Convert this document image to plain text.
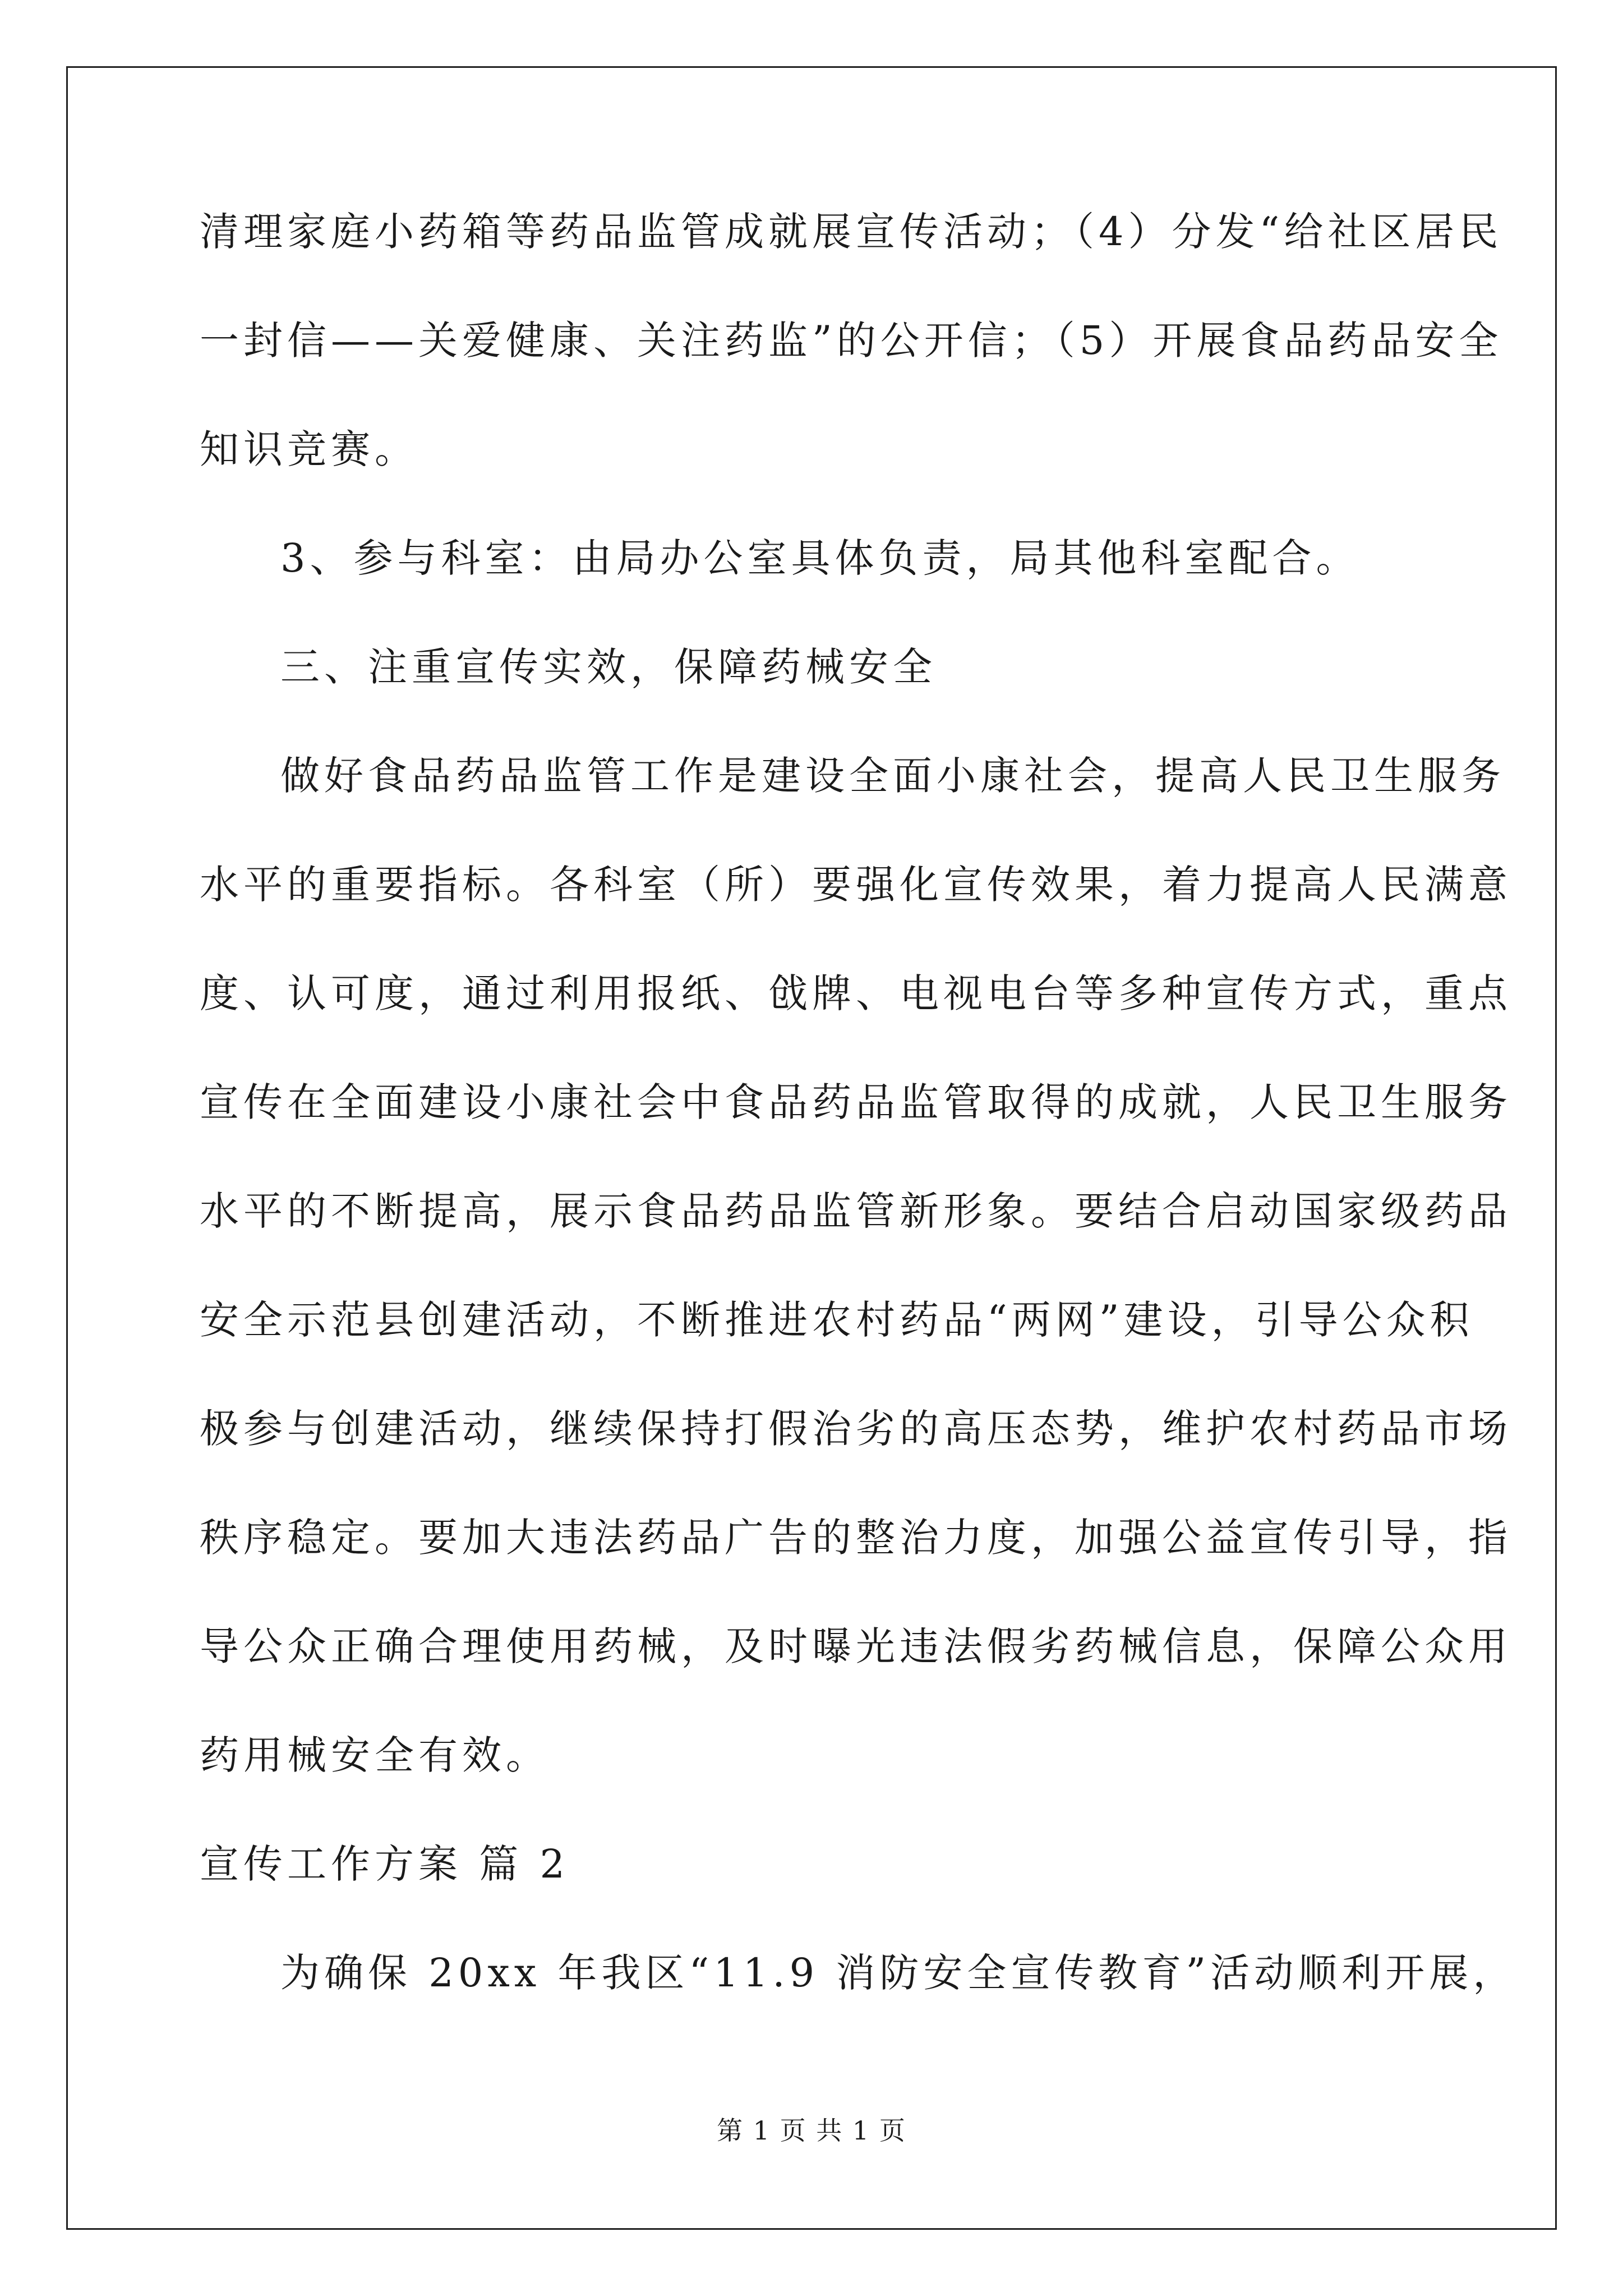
清理家庭小药箱等药品监管成就展宣传活动；（4）分发“给社区居民

一封信——关爱健康、关注药监”的公开信；（5）开展食品药品安全

知识竞赛。

3、参与科室：由局办公室具体负责，局其他科室配合。

三、注重宣传实效，保障药械安全

做好食品药品监管工作是建设全面小康社会，提高人民卫生服务

水平的重要指标。各科室（所）要强化宣传效果，着力提高人民满意

度、认可度，通过利用报纸、戗牌、电视电台等多种宣传方式，重点

宣传在全面建设小康社会中食品药品监管取得的成就，人民卫生服务

水平的不断提高，展示食品药品监管新形象。要结合启动国家级药品

安全示范县创建活动，不断推进农村药品“两网”建设，引导公众积

极参与创建活动，继续保持打假治劣的高压态势，维护农村药品市场

秩序稳定。要加大违法药品广告的整治力度，加强公益宣传引导，指

导公众正确合理使用药械，及时曝光违法假劣药械信息，保障公众用

药用械安全有效。

宣传工作方案 篇 2

为确保 20xx 年我区“11.9 消防安全宣传教育”活动顺利开展，

第 1 页 共 1 页
